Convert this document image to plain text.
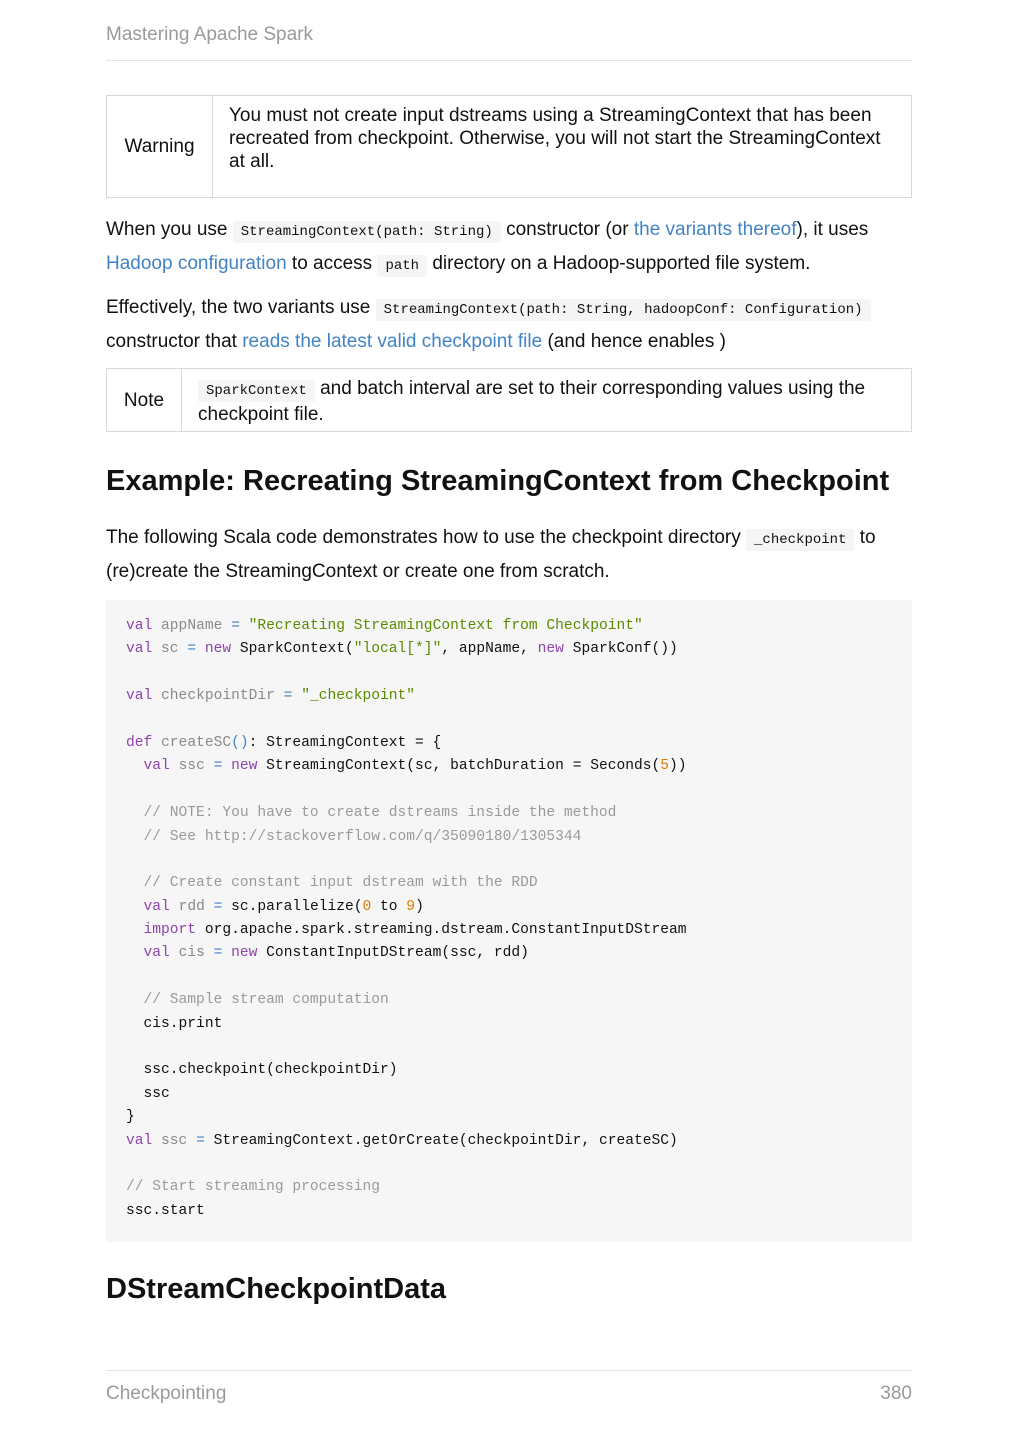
Mastering Apache Spark
Warning
You must not create input dstreams using a StreamingContext that has been recreated from checkpoint. Otherwise, you will not start the StreamingContext at all.

When you use StreamingContext(path: String) constructor (or the variants thereof), it uses Hadoop configuration to access path directory on a Hadoop-supported file system.

Effectively, the two variants use StreamingContext(path: String, hadoopConf: Configuration) constructor that reads the latest valid checkpoint file (and hence enables )

Note	SparkContext and batch interval are set to their corresponding values using the checkpoint file.
Example: Recreating StreamingContext from Checkpoint

The following Scala code demonstrates how to use the checkpoint directory _checkpoint to (re)create the StreamingContext or create one from scratch.

val appName = "Recreating StreamingContext from Checkpoint"
val sc = new SparkContext("local[*]", appName, new SparkConf())
val checkpointDir = "_checkpoint"
def createSC(): StreamingContext = {
val ssc = new StreamingContext(sc, batchDuration = Seconds(5))
// NOTE: You have to create dstreams inside the method
// See http://stackoverflow.com/q/35090180/1305344
// Create constant input dstream with the RDD
val rdd = sc.parallelize(0 to 9)
import org.apache.spark.streaming.dstream.ConstantInputDStream
val cis = new ConstantInputDStream(ssc, rdd)
// Sample stream computation
cis.print
ssc.checkpoint(checkpointDir)
ssc
}
val ssc = StreamingContext.getOrCreate(checkpointDir, createSC)
// Start streaming processing
ssc.start
DStreamCheckpointData
Checkpointing	380
